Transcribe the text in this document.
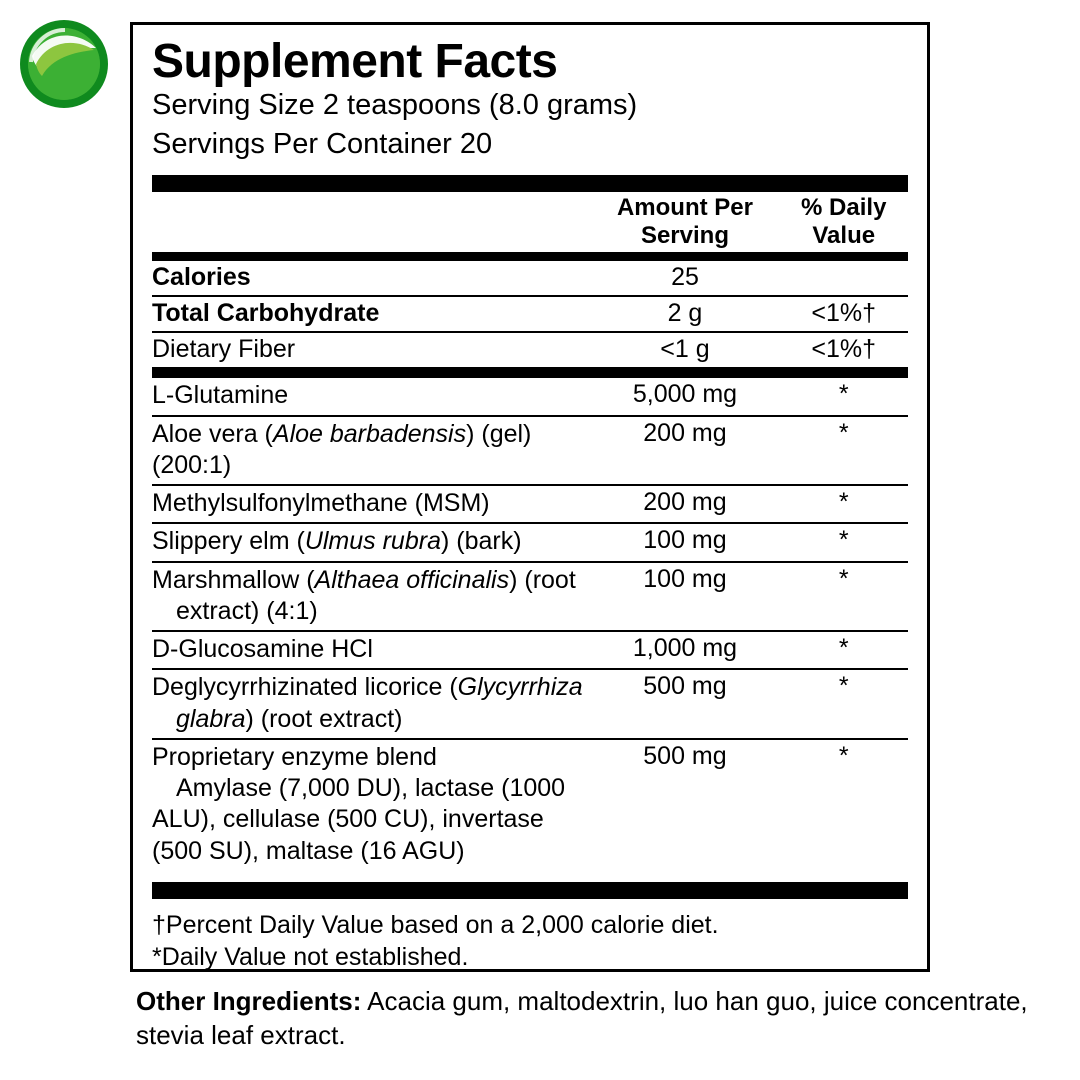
Supplement Facts
Serving Size 2 teaspoons (8.0 grams)
Servings Per Container 20

Amount Per
Serving

% Daily
Value
Calories	25	
Total Carbohydrate	2 g	<1%†
Dietary Fiber	<1 g	<1%†
L-Glutamine	5,000 mg	*
Aloe vera (Aloe barbadensis) (gel) (200:1)	200 mg	*
Methylsulfonylmethane (MSM)	200 mg	*
Slippery elm (Ulmus rubra) (bark)	100 mg	*
Marshmallow (Althaea officinalis) (root
extract) (4:1)	100 mg	*
D-Glucosamine HCl	1,000 mg	*
Deglycyrrhizinated licorice (Glycyrrhiza
glabra) (root extract)	500 mg	*
Proprietary enzyme blend
Amylase (7,000 DU), lactase (1000
ALU), cellulase (500 CU), invertase
(500 SU), maltase (16 AGU)	500 mg	*
†Percent Daily Value based on a 2,000 calorie diet.
*Daily Value not established.
Other Ingredients: Acacia gum, maltodextrin, luo han guo, juice concentrate, stevia leaf extract.
